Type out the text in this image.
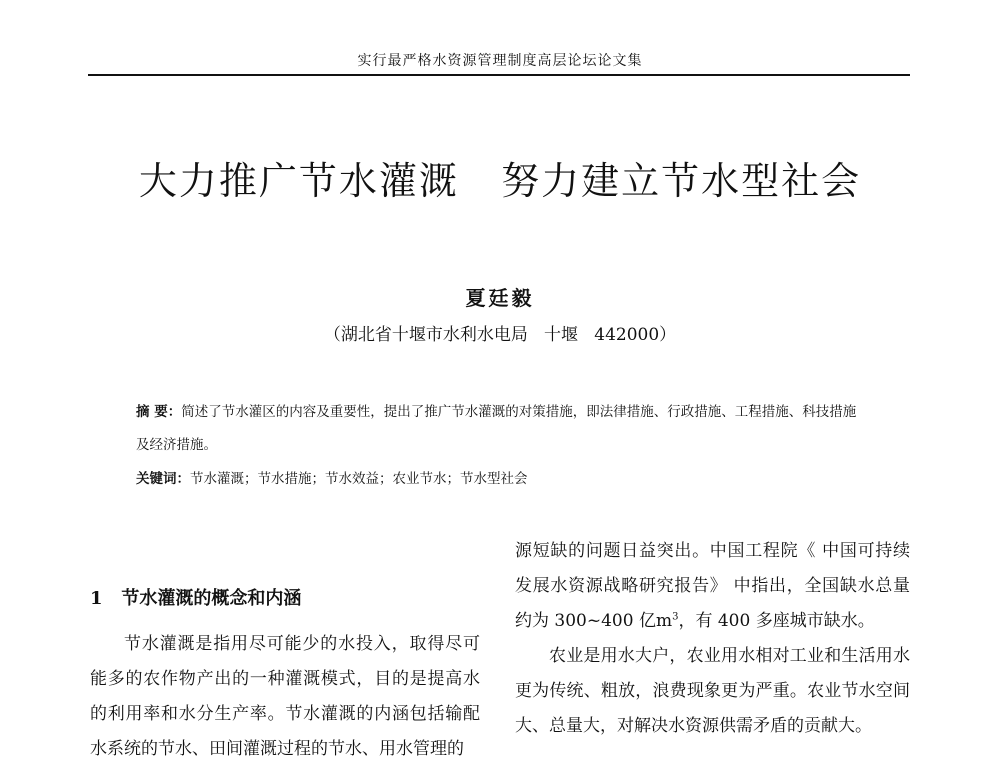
实行最严格水资源管理制度高层论坛论文集
大力推广节水灌溉   努力建立节水型社会
夏廷毅
（湖北省十堰市水利水电局   十堰   442000）
摘 要：简述了节水灌区的内容及重要性，提出了推广节水灌溉的对策措施，即法律措施、行政措施、工程措施、科技措施及经济措施。
关键词：节水灌溉；节水措施；节水效益；农业节水；节水型社会
1   节水灌溉的概念和内涵

节水灌溉是指用尽可能少的水投入，取得尽可能多的农作物产出的一种灌溉模式，目的是提高水的利用率和水分生产率。节水灌溉的内涵包括输配水系统的节水、田间灌溉过程的节水、用水管理的

源短缺的问题日益突出。中国工程院《 中国可持续发展水资源战略研究报告》 中指出，全国缺水总量约为 300~400 亿$m^3$，有 400 多座城市缺水。

农业是用水大户，农业用水相对工业和生活用水更为传统、粗放，浪费现象更为严重。农业节水空间大、总量大，对解决水资源供需矛盾的贡献大。
